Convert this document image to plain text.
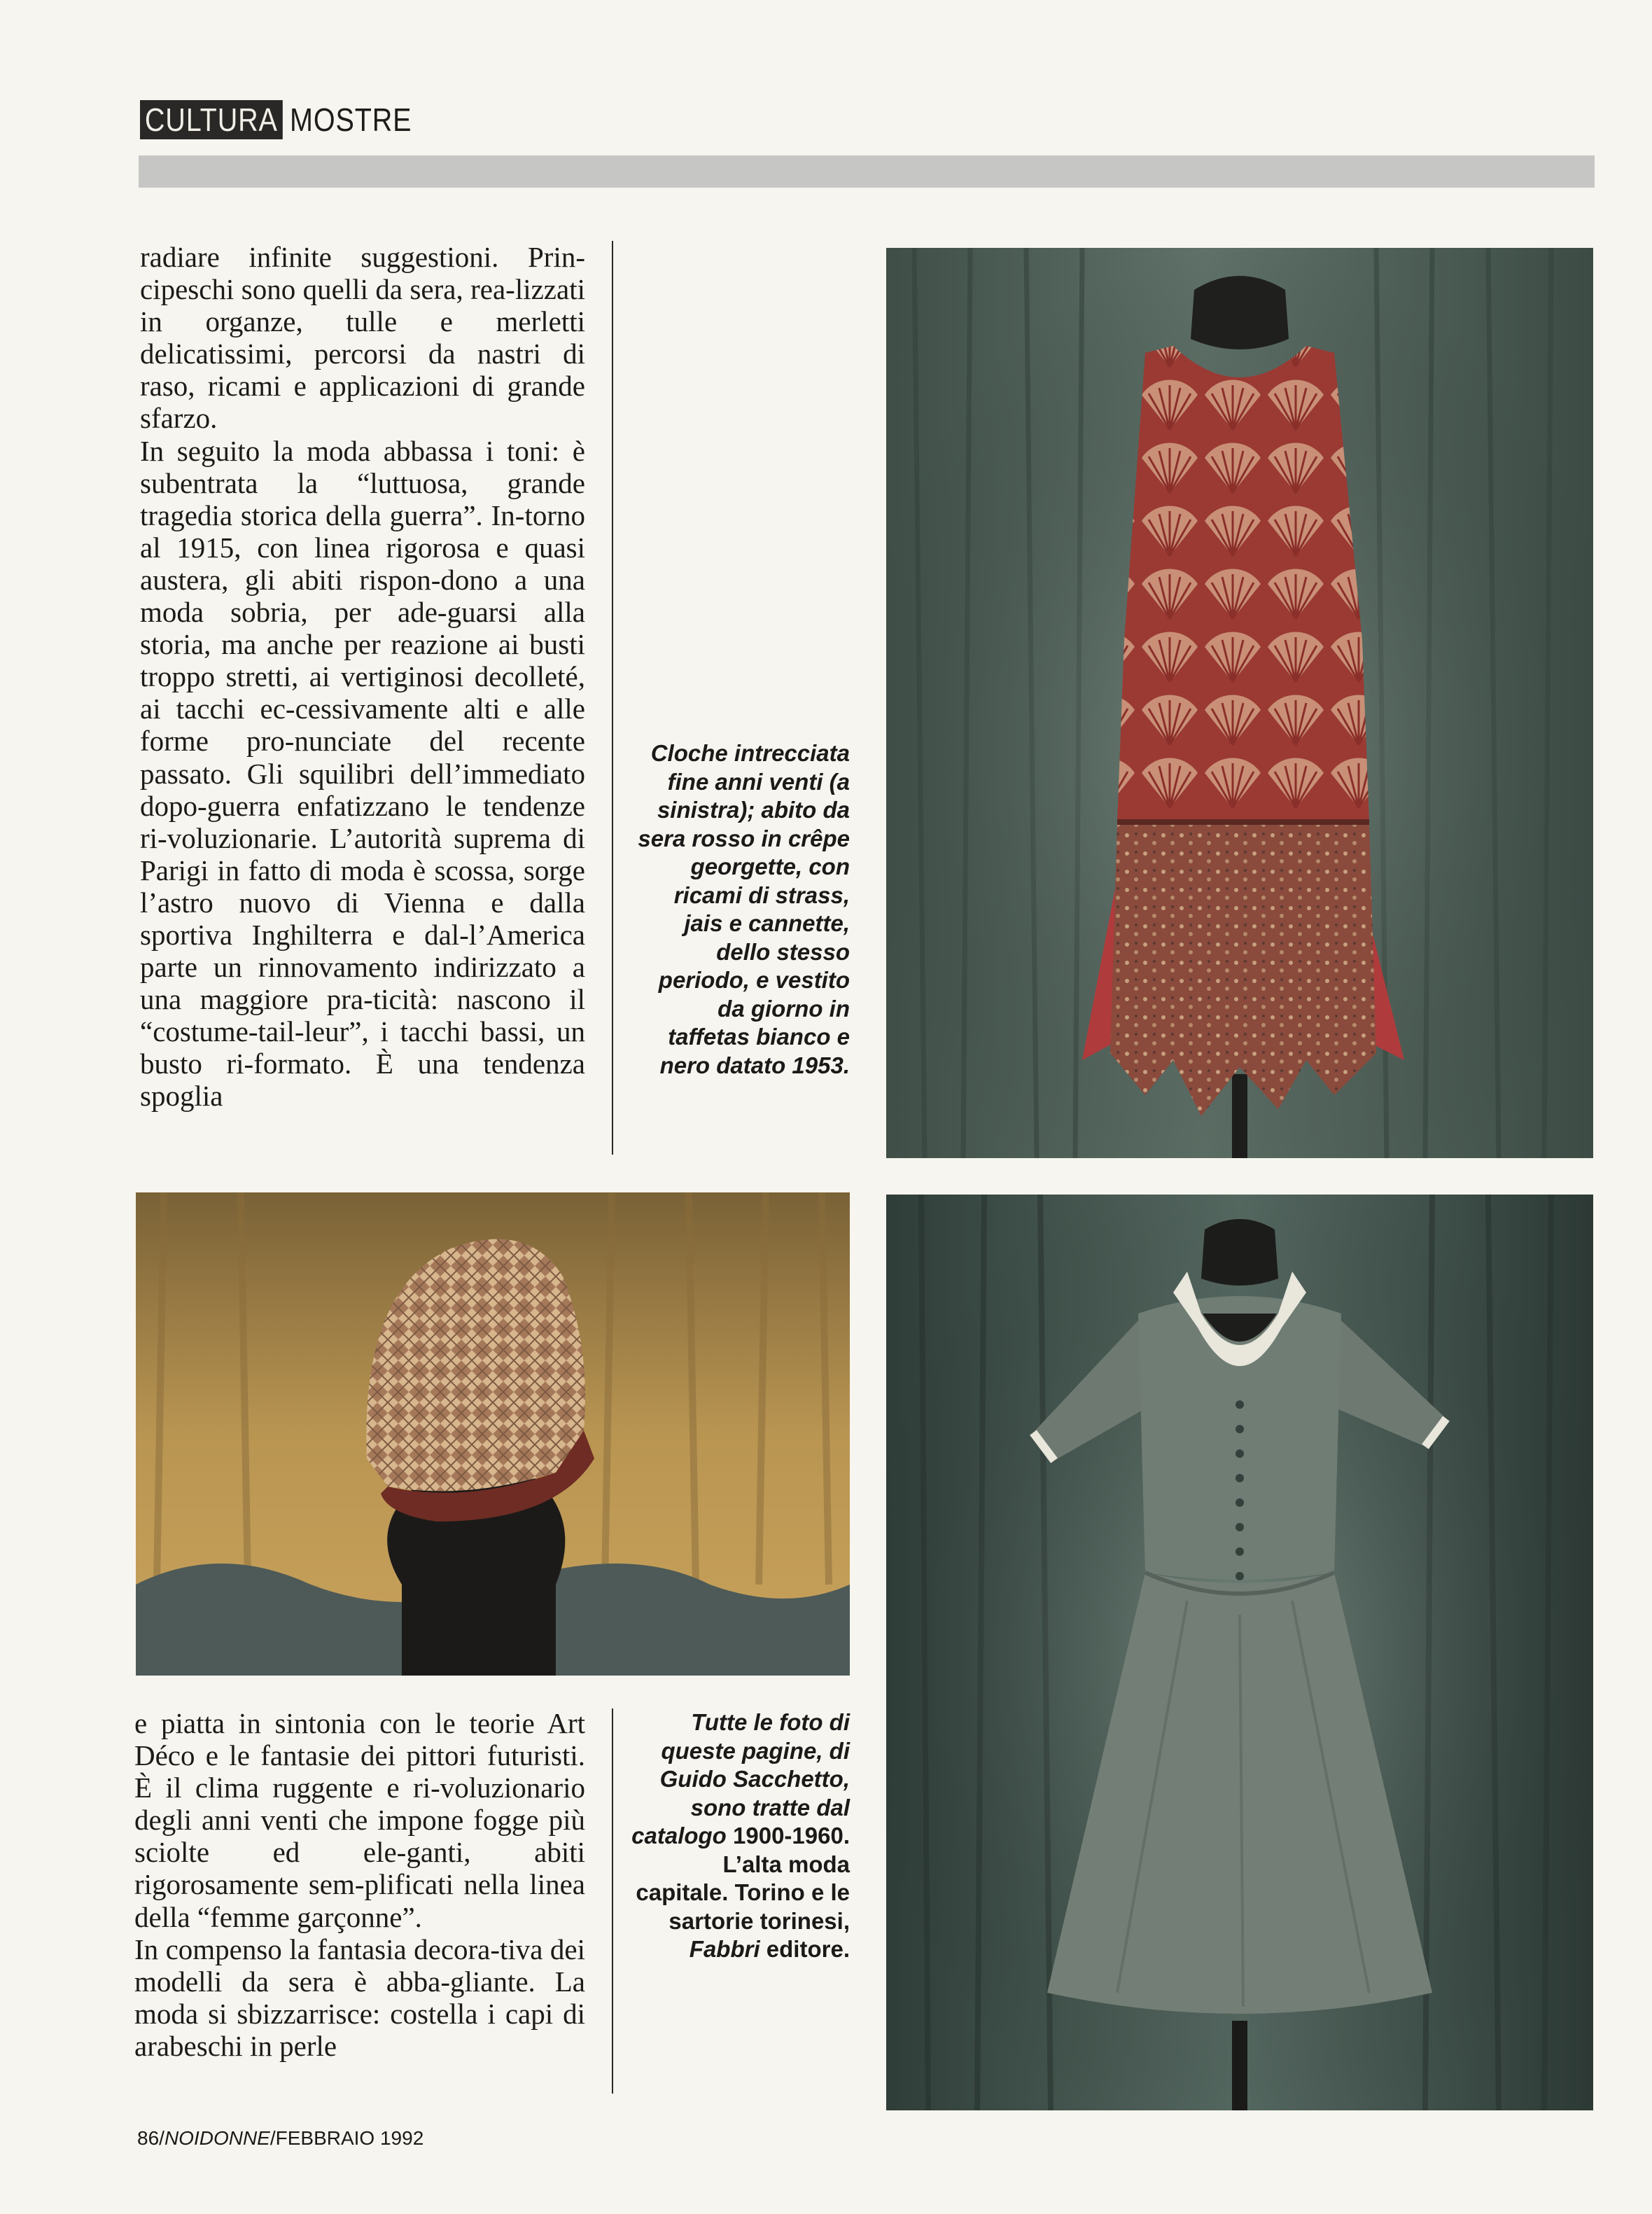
CULTURA MOSTRE

radiare infinite suggestioni. Prin-cipeschi sono quelli da sera, rea-lizzati in organze, tulle e merletti delicatissimi, percorsi da nastri di raso, ricami e applicazioni di grande sfarzo.

In seguito la moda abbassa i toni: è subentrata la “luttuosa, grande tragedia storica della guerra”. In-torno al 1915, con linea rigorosa e quasi austera, gli abiti rispon-dono a una moda sobria, per ade-guarsi alla storia, ma anche per reazione ai busti troppo stretti, ai vertiginosi decolleté, ai tacchi ec-cessivamente alti e alle forme pro-nunciate del recente passato. Gli squilibri dell’immediato dopo-guerra enfatizzano le tendenze ri-voluzionarie. L’autorità suprema di Parigi in fatto di moda è scossa, sorge l’astro nuovo di Vienna e dalla sportiva Inghilterra e dal-l’America parte un rinnovamento indirizzato a una maggiore pra-ticità: nascono il “costume-tail-leur”, i tacchi bassi, un busto ri-formato. È una tendenza spoglia

Cloche intrecciata fine anni venti (a sinistra); abito da sera rosso in crêpe georgette, con ricami di strass, jais e cannette, dello stesso periodo, e vestito da giorno in taffetas bianco e nero datato 1953.

e piatta in sintonia con le teorie Art Déco e le fantasie dei pittori futuristi. È il clima ruggente e ri-voluzionario degli anni venti che impone fogge più sciolte ed ele-ganti, abiti rigorosamente sem-plificati nella linea della “femme garçonne”.

In compenso la fantasia decora-tiva dei modelli da sera è abba-gliante. La moda si sbizzarrisce: costella i capi di arabeschi in perle

Tutte le foto di queste pagine, di Guido Sacchetto, sono tratte dal catalogo 1900-1960. L’alta moda capitale. Torino e le sartorie torinesi, Fabbri editore.

86/NOIDONNE/FEBBRAIO 1992
